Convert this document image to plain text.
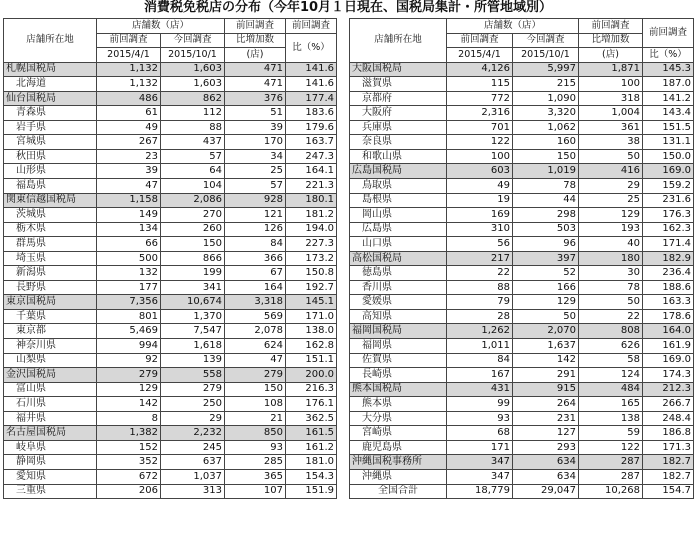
消費税免税店の分布（今年10月１日現在、国税局集計・所管地域別）
店舗所在地	店舗数（店）		前回調査	前回調査
	前回調査	今回調査	比増加数	比（%）
	2015/4/1	2015/10/1	(店)	
札幌国税局	1,132	1,603	471	141.6
北海道	1,132	1,603	471	141.6
仙台国税局	486	862	376	177.4
青森県	61	112	51	183.6
岩手県	49	88	39	179.6
宮城県	267	437	170	163.7
秋田県	23	57	34	247.3
山形県	39	64	25	164.1
福島県	47	104	57	221.3
関東信越国税局	1,158	2,086	928	180.1
茨城県	149	270	121	181.2
栃木県	134	260	126	194.0
群馬県	66	150	84	227.3
埼玉県	500	866	366	173.2
新潟県	132	199	67	150.8
長野県	177	341	164	192.7
東京国税局	7,356	10,674	3,318	145.1
千葉県	801	1,370	569	171.0
東京都	5,469	7,547	2,078	138.0
神奈川県	994	1,618	624	162.8
山梨県	92	139	47	151.1
金沢国税局	279	558	279	200.0
富山県	129	279	150	216.3
石川県	142	250	108	176.1
福井県	8	29	21	362.5
名古屋国税局	1,382	2,232	850	161.5
岐阜県	152	245	93	161.2
静岡県	352	637	285	181.0
愛知県	672	1,037	365	154.3
三重県	206	313	107	151.9
店舗所在地	店舗数（店）		前回調査	前回調査
	前回調査	今回調査	比増加数	
	2015/4/1	2015/10/1	(店)	比（%）
大阪国税局	4,126	5,997	1,871	145.3
滋賀県	115	215	100	187.0
京都府	772	1,090	318	141.2
大阪府	2,316	3,320	1,004	143.4
兵庫県	701	1,062	361	151.5
奈良県	122	160	38	131.1
和歌山県	100	150	50	150.0
広島国税局	603	1,019	416	169.0
鳥取県	49	78	29	159.2
島根県	19	44	25	231.6
岡山県	169	298	129	176.3
広島県	310	503	193	162.3
山口県	56	96	40	171.4
高松国税局	217	397	180	182.9
徳島県	22	52	30	236.4
香川県	88	166	78	188.6
愛媛県	79	129	50	163.3
高知県	28	50	22	178.6
福岡国税局	1,262	2,070	808	164.0
福岡県	1,011	1,637	626	161.9
佐賀県	84	142	58	169.0
長崎県	167	291	124	174.3
熊本国税局	431	915	484	212.3
熊本県	99	264	165	266.7
大分県	93	231	138	248.4
宮崎県	68	127	59	186.8
鹿児島県	171	293	122	171.3
沖縄国税事務所	347	634	287	182.7
沖縄県	347	634	287	182.7
全国合計	18,779	29,047	10,268	154.7
